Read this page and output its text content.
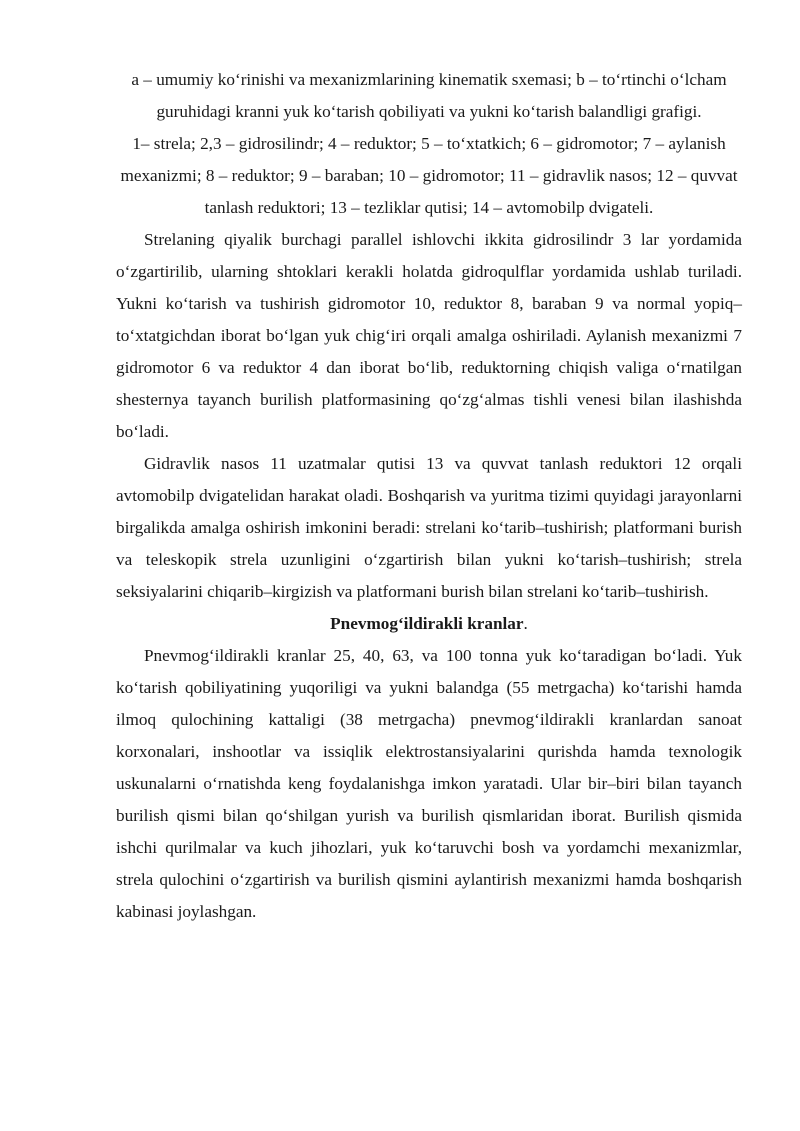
a – umumiy ko‘rinishi va mexanizmlarining kinematik sxemasi; b – to‘rtinchi o‘lcham guruhidagi kranni yuk ko‘tarish qobiliyati va yukni ko‘tarish balandligi grafigi.

1– strela; 2,3 – gidrosilindr; 4 – reduktor; 5 – to‘xtatkich; 6 – gidromotor; 7 – aylanish mexanizmi; 8 – reduktor; 9 – baraban; 10 – gidromotor; 11 – gidravlik nasos; 12 – quvvat tanlash reduktori; 13 – tezliklar qutisi; 14 – avtomobilp dvigateli.

Strelaning qiyalik burchagi parallel ishlovchi ikkita gidrosilindr 3 lar yordamida o‘zgartirilib, ularning shtoklari kerakli holatda gidroqulflar yordamida ushlab turiladi. Yukni ko‘tarish va tushirish gidromotor 10, reduktor 8, baraban 9 va normal yopiq–to‘xtatgichdan iborat bo‘lgan yuk chig‘iri orqali amalga oshiriladi. Aylanish mexanizmi 7 gidromotor 6 va reduktor 4 dan iborat bo‘lib, reduktorning chiqish valiga o‘rnatilgan shesternya tayanch burilish platformasining qo‘zg‘almas tishli venesi bilan ilashishda bo‘ladi.

Gidravlik nasos 11 uzatmalar qutisi 13 va quvvat tanlash reduktori 12 orqali avtomobilp dvigatelidan harakat oladi. Boshqarish va yuritma tizimi quyidagi jarayonlarni birgalikda amalga oshirish imkonini beradi: strelani ko‘tarib–tushirish; platformani burish va teleskopik strela uzunligini o‘zgartirish bilan yukni ko‘tarish–tushirish; strela seksiyalarini chiqarib–kirgizish va platformani burish bilan strelani ko‘tarib–tushirish.

Pnevmog‘ildirakli kranlar.

Pnevmog‘ildirakli kranlar 25, 40, 63, va 100 tonna yuk ko‘taradigan bo‘ladi. Yuk ko‘tarish qobiliyatining yuqoriligi va yukni balandga (55 metrgacha) ko‘tarishi hamda ilmoq qulochining kattaligi (38 metrgacha) pnevmog‘ildirakli kranlardan sanoat korxonalari, inshootlar va issiqlik elektrostansiyalarini qurishda hamda texnologik uskunalarni o‘rnatishda keng foydalanishga imkon yaratadi. Ular bir–biri bilan tayanch burilish qismi bilan qo‘shilgan yurish va burilish qismlaridan iborat. Burilish qismida ishchi qurilmalar va kuch jihozlari, yuk ko‘taruvchi bosh va yordamchi mexanizmlar, strela qulochini o‘zgartirish va burilish qismini aylantirish mexanizmi hamda boshqarish kabinasi joylashgan.
